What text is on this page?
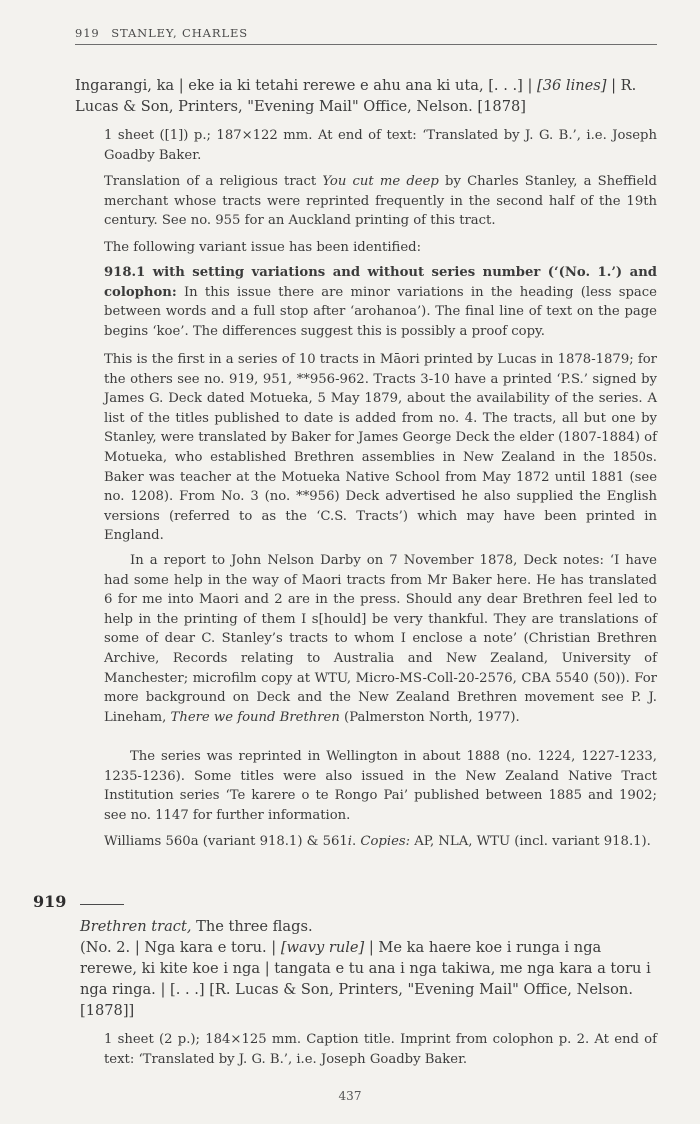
919 STANLEY, CHARLES
Ingarangi, ka | eke ia ki tetahi rerewe e ahu ana ki uta, [. . .] | [36 lines] | R. Lucas & Son, Printers, "Evening Mail" Office, Nelson. [1878]

1 sheet ([1]) p.; 187×122 mm. At end of text: ‘Translated by J. G. B.’, i.e. Joseph Goadby Baker.

Translation of a religious tract You cut me deep by Charles Stanley, a Sheffield merchant whose tracts were reprinted frequently in the second half of the 19th century. See no. 955 for an Auckland printing of this tract.

The following variant issue has been identified:

918.1 with setting variations and without series number (‘(No. 1.’) and colophon: In this issue there are minor variations in the heading (less space between words and a full stop after ‘arohanoa’). The final line of text on the page begins ‘koe’. The differences suggest this is possibly a proof copy.

This is the first in a series of 10 tracts in Māori printed by Lucas in 1878-1879; for the others see no. 919, 951, **956-962. Tracts 3-10 have a printed ‘P.S.’ signed by James G. Deck dated Motueka, 5 May 1879, about the availability of the series. A list of the titles published to date is added from no. 4. The tracts, all but one by Stanley, were translated by Baker for James George Deck the elder (1807-1884) of Motueka, who established Brethren assemblies in New Zealand in the 1850s. Baker was teacher at the Motueka Native School from May 1872 until 1881 (see no. 1208). From No. 3 (no. **956) Deck advertised he also supplied the English versions (referred to as the ‘C.S. Tracts’) which may have been printed in England.

In a report to John Nelson Darby on 7 November 1878, Deck notes: ‘I have had some help in the way of Maori tracts from Mr Baker here. He has translated 6 for me into Maori and 2 are in the press. Should any dear Brethren feel led to help in the printing of them I s[hould] be very thankful. They are translations of some of dear C. Stanley’s tracts to whom I enclose a note’ (Christian Brethren Archive, Records relating to Australia and New Zealand, University of Manchester; microfilm copy at WTU, Micro-MS-Coll-20-2576, CBA 5540 (50)). For more background on Deck and the New Zealand Brethren movement see P. J. Lineham, There we found Brethren (Palmerston North, 1977).

The series was reprinted in Wellington in about 1888 (no. 1224, 1227-1233, 1235-1236). Some titles were also issued in the New Zealand Native Tract Institution series ‘Te karere o te Rongo Pai’ published between 1885 and 1902; see no. 1147 for further information.

Williams 560a (variant 918.1) & 561i. Copies: AP, NLA, WTU (incl. variant 918.1).

919
Brethren tract, The three flags.
(No. 2. | Nga kara e toru. | [wavy rule] | Me ka haere koe i runga i nga rerewe, ki kite koe i nga | tangata e tu ana i nga takiwa, me nga kara a toru i nga ringa. | [. . .] [R. Lucas & Son, Printers, "Evening Mail" Office, Nelson. [1878]]

1 sheet (2 p.); 184×125 mm. Caption title. Imprint from colophon p. 2. At end of text: ‘Translated by J. G. B.’, i.e. Joseph Goadby Baker.

437
